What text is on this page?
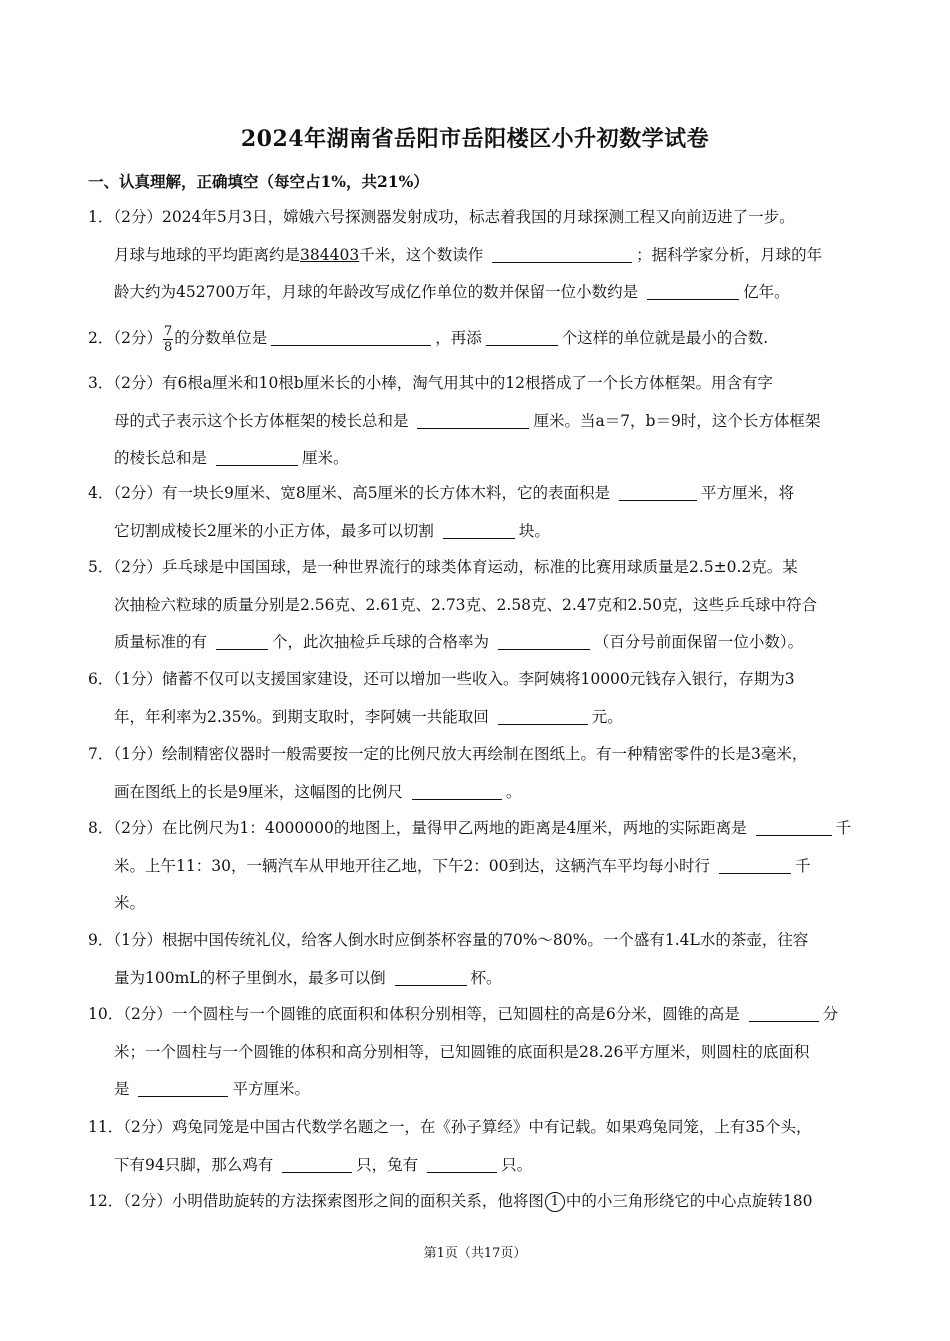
2024年湖南省岳阳市岳阳楼区小升初数学试卷
一、认真理解，正确填空（每空占1%，共21%）
1．（2分）2024年5月3日，嫦娥六号探测器发射成功，标志着我国的月球探测工程又向前迈进了一步。
月球与地球的平均距离约是384403千米，这个数读作	；据科学家分析，月球的年
龄大约为452700万年，月球的年龄改写成亿作单位的数并保留一位小数约是	亿年。
2．（2分） $\frac{7}{8}$ 的分数单位是	，再添	个这样的单位就是最小的合数.
3．（2分）有6根a厘米和10根b厘米长的小棒，淘气用其中的12根搭成了一个长方体框架。用含有字
母的式子表示这个长方体框架的棱长总和是	厘米。当a＝7，b＝9时，这个长方体框架
的棱长总和是	厘米。
4．（2分）有一块长9厘米、宽8厘米、高5厘米的长方体木料，它的表面积是	平方厘米，将
它切割成棱长2厘米的小正方体，最多可以切割	块。
5．（2分）乒乓球是中国国球，是一种世界流行的球类体育运动，标准的比赛用球质量是2.5±0.2克。某
次抽检六粒球的质量分别是2.56克、2.61克、2.73克、2.58克、2.47克和2.50克，这些乒乓球中符合
质量标准的有	个，此次抽检乒乓球的合格率为	（百分号前面保留一位小数）。
6．（1分）储蓄不仅可以支援国家建设，还可以增加一些收入。李阿姨将10000元钱存入银行，存期为3
年，年利率为2.35%。到期支取时，李阿姨一共能取回	元。
7．（1分）绘制精密仪器时一般需要按一定的比例尺放大再绘制在图纸上。有一种精密零件的长是3毫米，
画在图纸上的长是9厘米，这幅图的比例尺	。
8．（2分）在比例尺为1：4000000的地图上，量得甲乙两地的距离是4厘米，两地的实际距离是	千
米。上午11：30，一辆汽车从甲地开往乙地，下午2：00到达，这辆汽车平均每小时行	千
米。
9．（1分）根据中国传统礼仪，给客人倒水时应倒茶杯容量的70%～80%。一个盛有1.4L水的茶壶，往容
量为100mL的杯子里倒水，最多可以倒	杯。
10．（2分）一个圆柱与一个圆锥的底面积和体积分别相等，已知圆柱的高是6分米，圆锥的高是	分
米；一个圆柱与一个圆锥的体积和高分别相等，已知圆锥的底面积是28.26平方厘米，则圆柱的底面积
是	平方厘米。
11．（2分）鸡兔同笼是中国古代数学名题之一，在《孙子算经》中有记载。如果鸡兔同笼，上有35个头，
下有94只脚，那么鸡有	只，兔有	只。
12．（2分）小明借助旋转的方法探索图形之间的面积关系，他将图 1 中的小三角形绕它的中心点旋转180
第1页（共17页）
